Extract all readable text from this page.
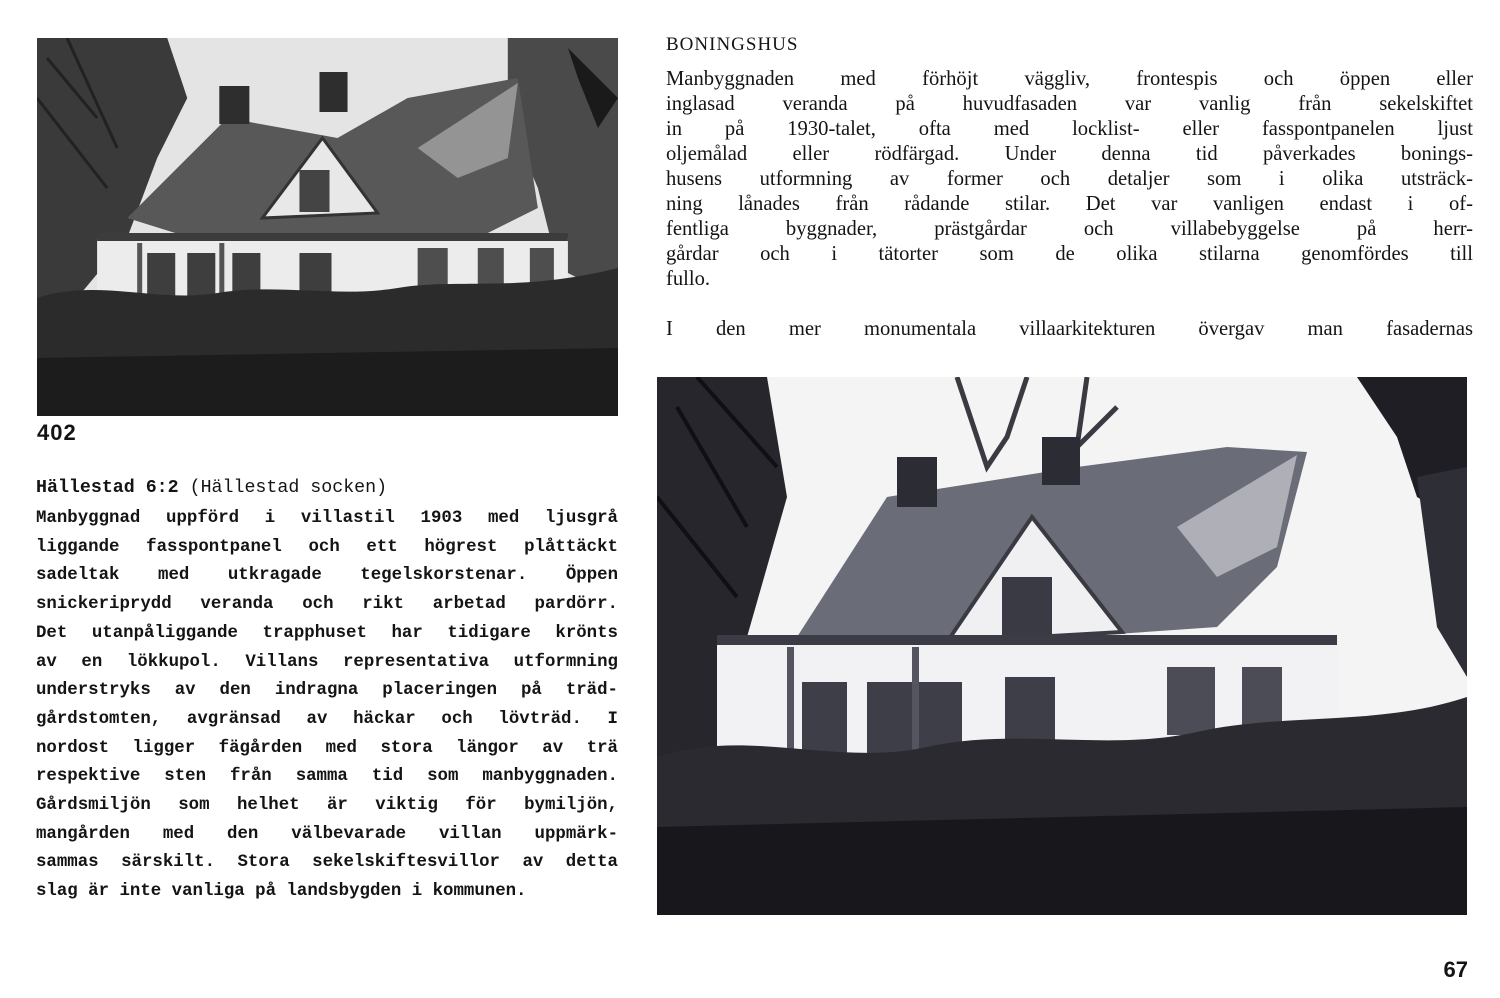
402
Hällestad 6:2 (Hällestad socken)
Manbyggnad uppförd i villastil 1903 med ljusgrå
liggande fasspontpanel och ett högrest plåttäckt
sadeltak med utkragade tegelskorstenar. Öppen
snickeriprydd veranda och rikt arbetad pardörr.
Det utanpåliggande trapphuset har tidigare krönts
av en lökkupol. Villans representativa utformning
understryks av den indragna placeringen på träd-
gårdstomten, avgränsad av häckar och lövträd. I
nordost ligger fägården med stora längor av trä
respektive sten från samma tid som manbyggnaden.
Gårdsmiljön som helhet är viktig för bymiljön,
mangården med den välbevarade villan uppmärk-
sammas särskilt. Stora sekelskiftesvillor av detta
slag är inte vanliga på landsbygden i kommunen.
BONINGSHUS
Manbyggnaden med förhöjt väggliv, frontespis och öppen eller
inglasad veranda på huvudfasaden var vanlig från sekelskiftet
in på 1930-talet, ofta med locklist- eller fasspontpanelen ljust
oljemålad eller rödfärgad. Under denna tid påverkades bonings-
husens utformning av former och detaljer som i olika utsträck-
ning lånades från rådande stilar. Det var vanligen endast i of-
fentliga byggnader, prästgårdar och villabebyggelse på herr-
gårdar och i tätorter som de olika stilarna genomfördes till
fullo.
I den mer monumentala villaarkitekturen övergav man fasadernas
67
